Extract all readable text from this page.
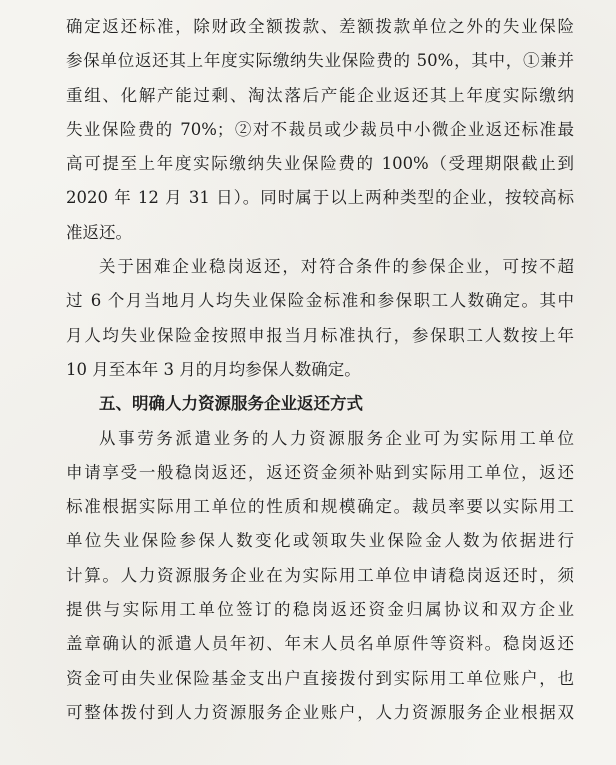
确定返还标准，除财政全额拨款、差额拨款单位之外的失业保险
参保单位返还其上年度实际缴纳失业保险费的 50%，其中，①兼并
重组、化解产能过剩、淘汰落后产能企业返还其上年度实际缴纳
失业保险费的 70%；②对不裁员或少裁员中小微企业返还标准最
高可提至上年度实际缴纳失业保险费的 100%（受理期限截止到
2020 年 12 月 31 日）。同时属于以上两种类型的企业，按较高标
准返还。
关于困难企业稳岗返还，对符合条件的参保企业，可按不超
过 6 个月当地月人均失业保险金标准和参保职工人数确定。其中
月人均失业保险金按照申报当月标准执行，参保职工人数按上年
10 月至本年 3 月的月均参保人数确定。
五、明确人力资源服务企业返还方式
从事劳务派遣业务的人力资源服务企业可为实际用工单位
申请享受一般稳岗返还，返还资金须补贴到实际用工单位，返还
标准根据实际用工单位的性质和规模确定。裁员率要以实际用工
单位失业保险参保人数变化或领取失业保险金人数为依据进行
计算。人力资源服务企业在为实际用工单位申请稳岗返还时，须
提供与实际用工单位签订的稳岗返还资金归属协议和双方企业
盖章确认的派遣人员年初、年末人员名单原件等资料。稳岗返还
资金可由失业保险基金支出户直接拨付到实际用工单位账户，也
可整体拨付到人力资源服务企业账户，人力资源服务企业根据双
